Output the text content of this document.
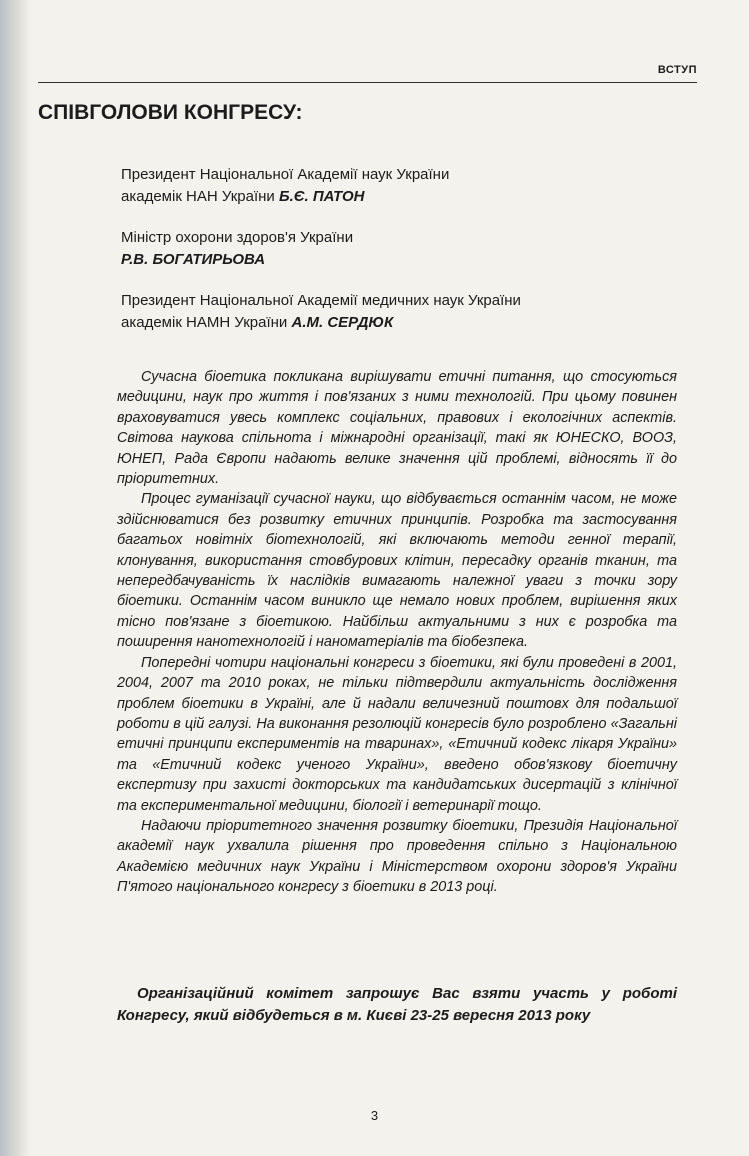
ВСТУП
СПІВГОЛОВИ КОНГРЕСУ:
Президент Національної Академії наук України
академік НАН України Б.Є. ПАТОН
Міністр охорони здоров'я України
Р.В. БОГАТИРЬОВА
Президент Національної Академії медичних наук України
академік НАМН України А.М. СЕРДЮК

Сучасна біоетика покликана вирішувати етичні питання, що стосуються медицини, наук про життя і пов'язаних з ними технологій. При цьому повинен враховуватися увесь комплекс соціальних, правових і екологічних аспектів. Світова наукова спільнота і міжнародні організації, такі як ЮНЕСКО, ВООЗ, ЮНЕП, Рада Європи надають велике значення цій проблемі, відносять її до пріоритетних.

Процес гуманізації сучасної науки, що відбувається останнім часом, не може здійснюватися без розвитку етичних принципів. Розробка та застосування багатьох новітніх біотехнологій, які включають методи генної терапії, клонування, використання стовбурових клітин, пересадку органів тканин, та непередбачуваність їх наслідків вимагають належної уваги з точки зору біоетики. Останнім часом виникло ще немало нових проблем, вирішення яких тісно пов'язане з біоетикою. Найбільш актуальними з них є розробка та поширення нанотехнологій і наноматеріалів та біобезпека.

Попередні чотири національні конгреси з біоетики, які були проведені в 2001, 2004, 2007 та 2010 роках, не тільки підтвердили актуальність дослідження проблем біоетики в Україні, але й надали величезний поштовх для подальшої роботи в цій галузі. На виконання резолюцій конгресів було розроблено «Загальні етичні принципи експериментів на тваринах», «Етичний кодекс лікаря України» та «Етичний кодекс ученого України», введено обов'язкову біоетичну експертизу при захисті докторських та кандидатських дисертацій з клінічної та експериментальної медицини, біології і ветеринарії тощо.

Надаючи пріоритетного значення розвитку біоетики, Президія Національної академії наук ухвалила рішення про проведення спільно з Національною Академією медичних наук України і Міністерством охорони здоров'я України П'ятого національного конгресу з біоетики в 2013 році.

Організаційний комітет запрошує Вас взяти участь у роботі Конгресу, який відбудеться в м. Києві 23-25 вересня 2013 року
3
